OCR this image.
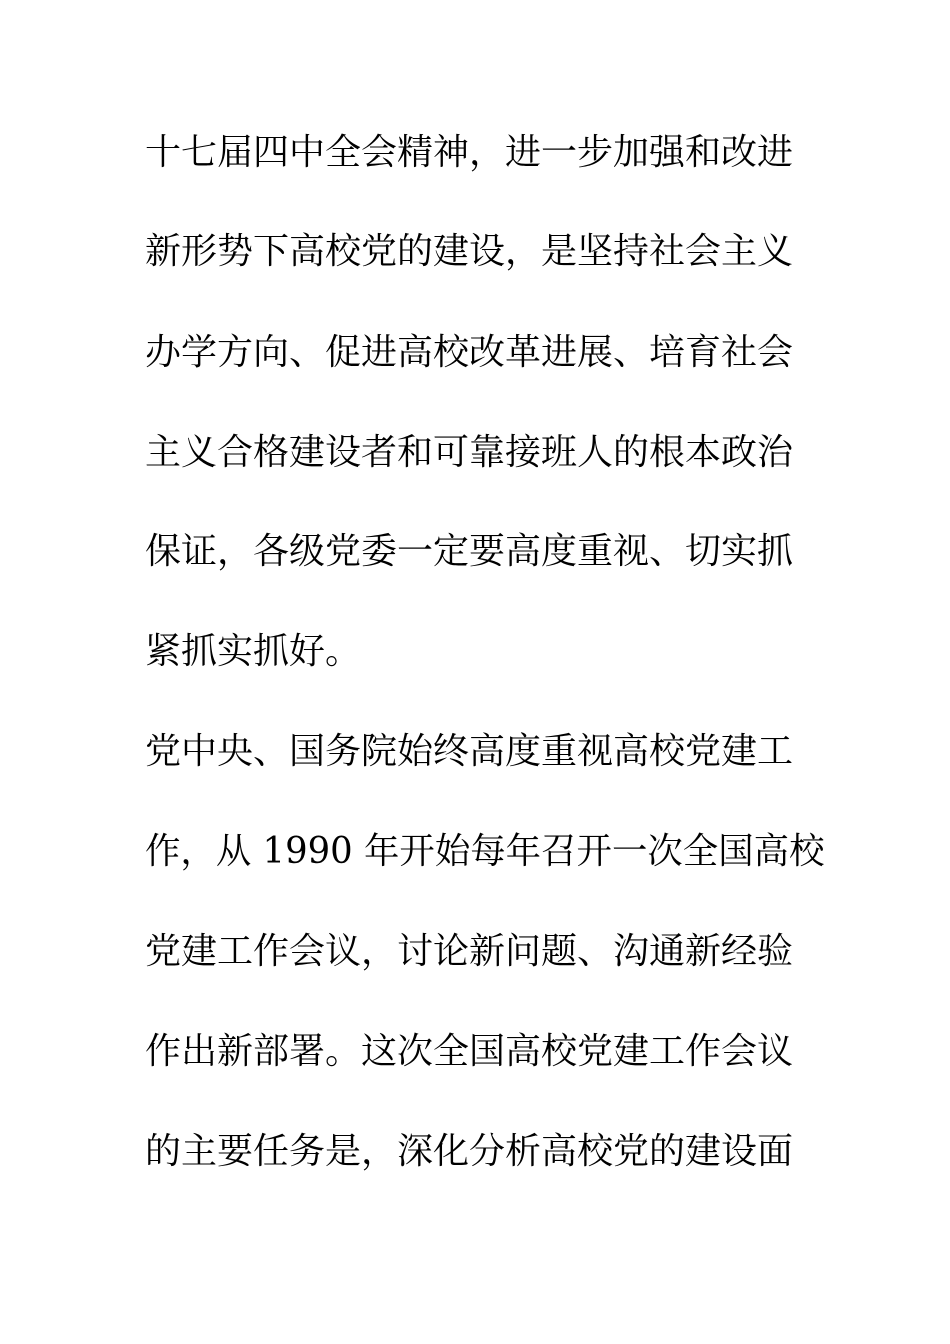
十七届四中全会精神，进一步加强和改进
新形势下高校党的建设，是坚持社会主义
办学方向、促进高校改革进展、培育社会
主义合格建设者和可靠接班人的根本政治
保证，各级党委一定要高度重视、切实抓
紧抓实抓好。
党中央、国务院始终高度重视高校党建工
作，从 1990 年开始每年召开一次全国高校
党建工作会议，讨论新问题、沟通新经验
作出新部署。这次全国高校党建工作会议
的主要任务是，深化分析高校党的建设面
